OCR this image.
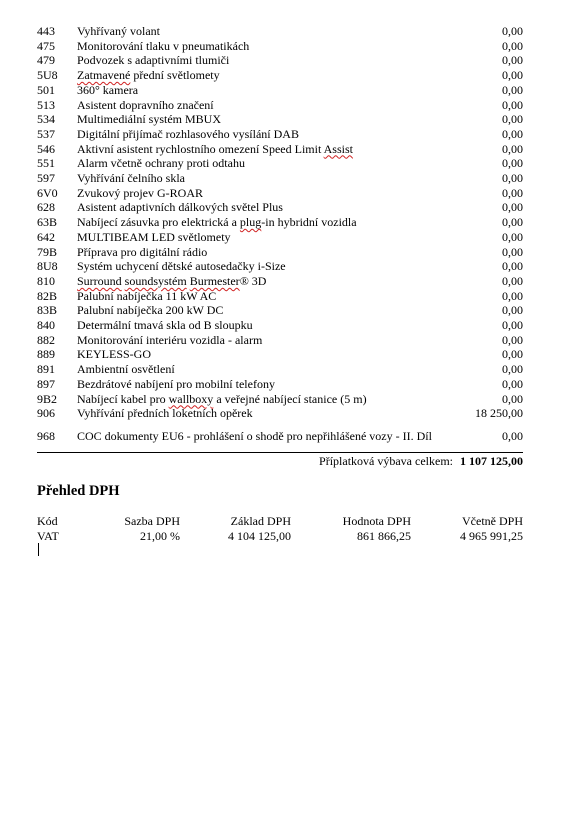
443	Vyhřívaný volant	0,00
475	Monitorování tlaku v pneumatikách	0,00
479	Podvozek s adaptivními tlumiči	0,00
5U8	Zatmavené přední světlomety	0,00
501	360° kamera	0,00
513	Asistent dopravního značení	0,00
534	Multimediální systém MBUX	0,00
537	Digitální přijímač rozhlasového vysílání DAB	0,00
546	Aktivní asistent rychlostního omezení Speed Limit Assist	0,00
551	Alarm včetně ochrany proti odtahu	0,00
597	Vyhřívání čelního skla	0,00
6V0	Zvukový projev G-ROAR	0,00
628	Asistent adaptivních dálkových světel Plus	0,00
63B	Nabíjecí zásuvka pro elektrická a plug-in hybridní vozidla	0,00
642	MULTIBEAM LED světlomety	0,00
79B	Příprava pro digitální rádio	0,00
8U8	Systém uchycení dětské autosedačky i-Size	0,00
810	Surround soundsystém Burmester® 3D	0,00
82B	Palubní nabíječka 11 kW AC	0,00
83B	Palubní nabíječka 200 kW DC	0,00
840	Determální tmavá skla od B sloupku	0,00
882	Monitorování interiéru vozidla - alarm	0,00
889	KEYLESS-GO	0,00
891	Ambientní osvětlení	0,00
897	Bezdrátové nabíjení pro mobilní telefony	0,00
9B2	Nabíjecí kabel pro wallboxy a veřejné nabíjecí stanice (5 m)	0,00
906	Vyhřívání předních loketních opěrek	18 250,00
968	COC dokumenty EU6 - prohlášení o shodě pro nepřihlášené vozy - II. Díl	0,00
Příplatková výbava celkem: 1 107 125,00
Přehled DPH
Kód	Sazba DPH	Základ DPH	Hodnota DPH	Včetně DPH
VAT	21,00 %	4 104 125,00	861 866,25	4 965 991,25
